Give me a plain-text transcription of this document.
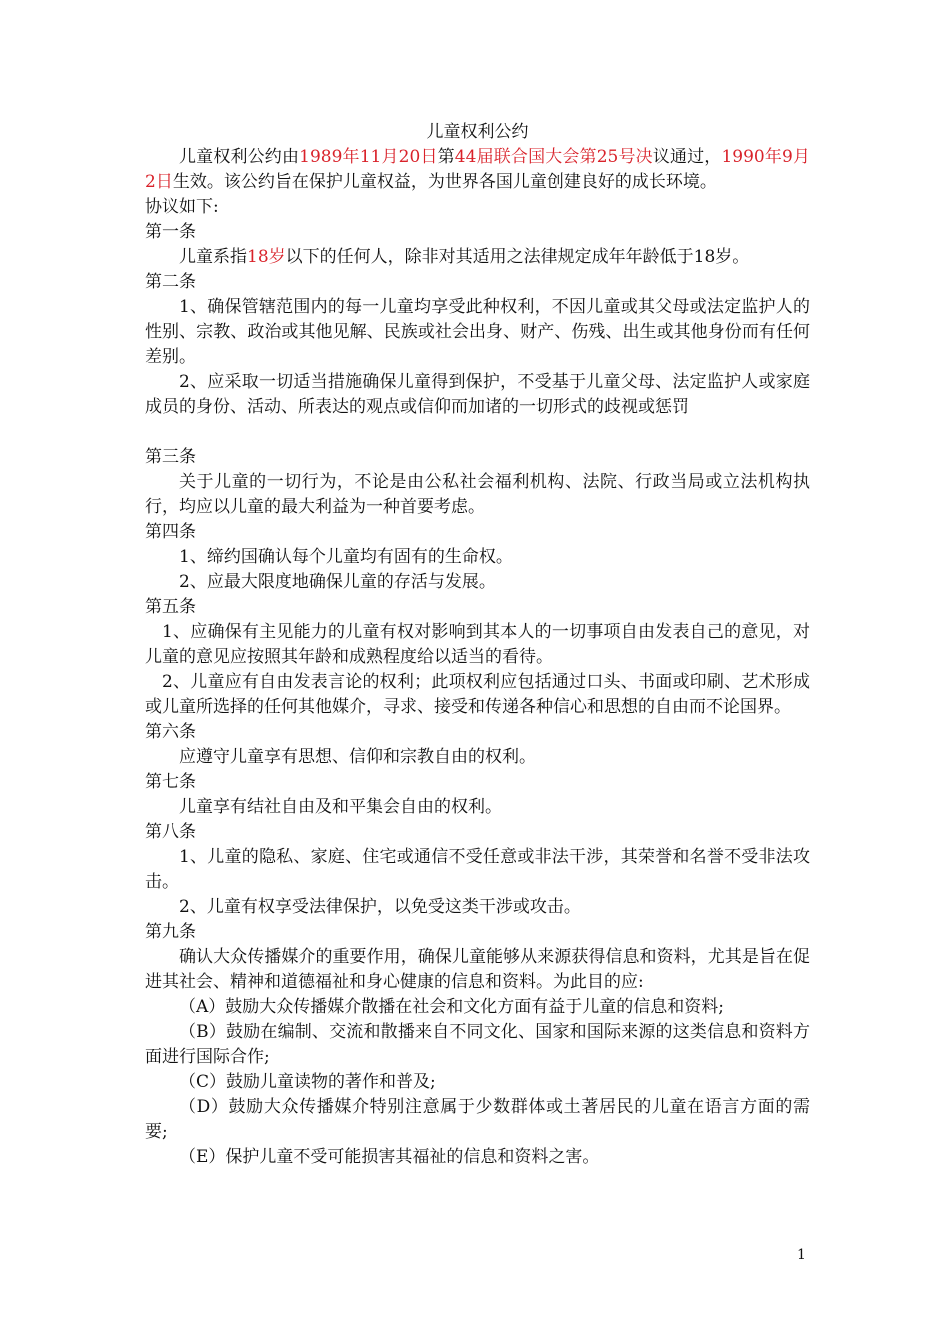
儿童权利公约

儿童权利公约由1989年11月20日第44届联合国大会第25号决议通过，1990年9月2日生效。该公约旨在保护儿童权益，为世界各国儿童创建良好的成长环境。

协议如下:

第一条

儿童系指18岁以下的任何人，除非对其适用之法律规定成年年龄低于18岁。

第二条

1、确保管辖范围内的每一儿童均享受此种权利，不因儿童或其父母或法定监护人的性别、宗教、政治或其他见解、民族或社会出身、财产、伤残、出生或其他身份而有任何差别。

2、应采取一切适当措施确保儿童得到保护，不受基于儿童父母、法定监护人或家庭成员的身份、活动、所表达的观点或信仰而加诸的一切形式的歧视或惩罚

第三条

关于儿童的一切行为，不论是由公私社会福利机构、法院、行政当局或立法机构执行，均应以儿童的最大利益为一种首要考虑。

第四条

1、缔约国确认每个儿童均有固有的生命权。

2、应最大限度地确保儿童的存活与发展。

第五条

1、应确保有主见能力的儿童有权对影响到其本人的一切事项自由发表自己的意见，对儿童的意见应按照其年龄和成熟程度给以适当的看待。

2、儿童应有自由发表言论的权利；此项权利应包括通过口头、书面或印刷、艺术形成或儿童所选择的任何其他媒介，寻求、接受和传递各种信心和思想的自由而不论国界。

第六条

应遵守儿童享有思想、信仰和宗教自由的权利。

第七条

儿童享有结社自由及和平集会自由的权利。

第八条

1、儿童的隐私、家庭、住宅或通信不受任意或非法干涉，其荣誉和名誉不受非法攻击。

2、儿童有权享受法律保护，以免受这类干涉或攻击。

第九条

确认大众传播媒介的重要作用，确保儿童能够从来源获得信息和资料，尤其是旨在促进其社会、精神和道德福祉和身心健康的信息和资料。为此目的应:

（A）鼓励大众传播媒介散播在社会和文化方面有益于儿童的信息和资料;

（B）鼓励在编制、交流和散播来自不同文化、国家和国际来源的这类信息和资料方面进行国际合作;

（C）鼓励儿童读物的著作和普及;

（D）鼓励大众传播媒介特别注意属于少数群体或土著居民的儿童在语言方面的需要;

（E）保护儿童不受可能损害其福祉的信息和资料之害。

1
